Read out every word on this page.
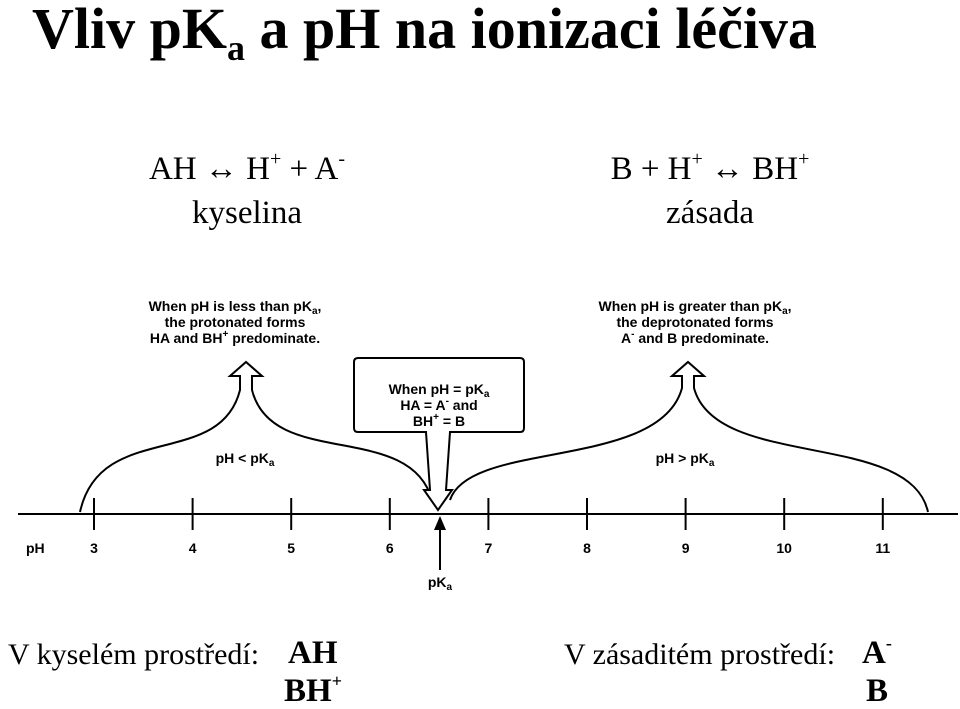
Vliv $pK_a$ a pH na ionizaci léčiva
AH ↔ H+ + A-
kyselina
B + H+ ↔ BH+
zásada
When pH is less than $pK_a$,
the protonated forms
HA and BH+ predominate.
When pH is greater than $pK_a$,
the deprotonated forms
A- and B predominate.
When pH = $pK_a$
HA = A- and
BH+ = B
pH < $pK_a$	pH > $pK_a$
pH	3	4	5	6	7	8	9	10	11
$pK_a$
V kyselém prostředí: AH
BH+
V zásaditém prostředí: A-
B
